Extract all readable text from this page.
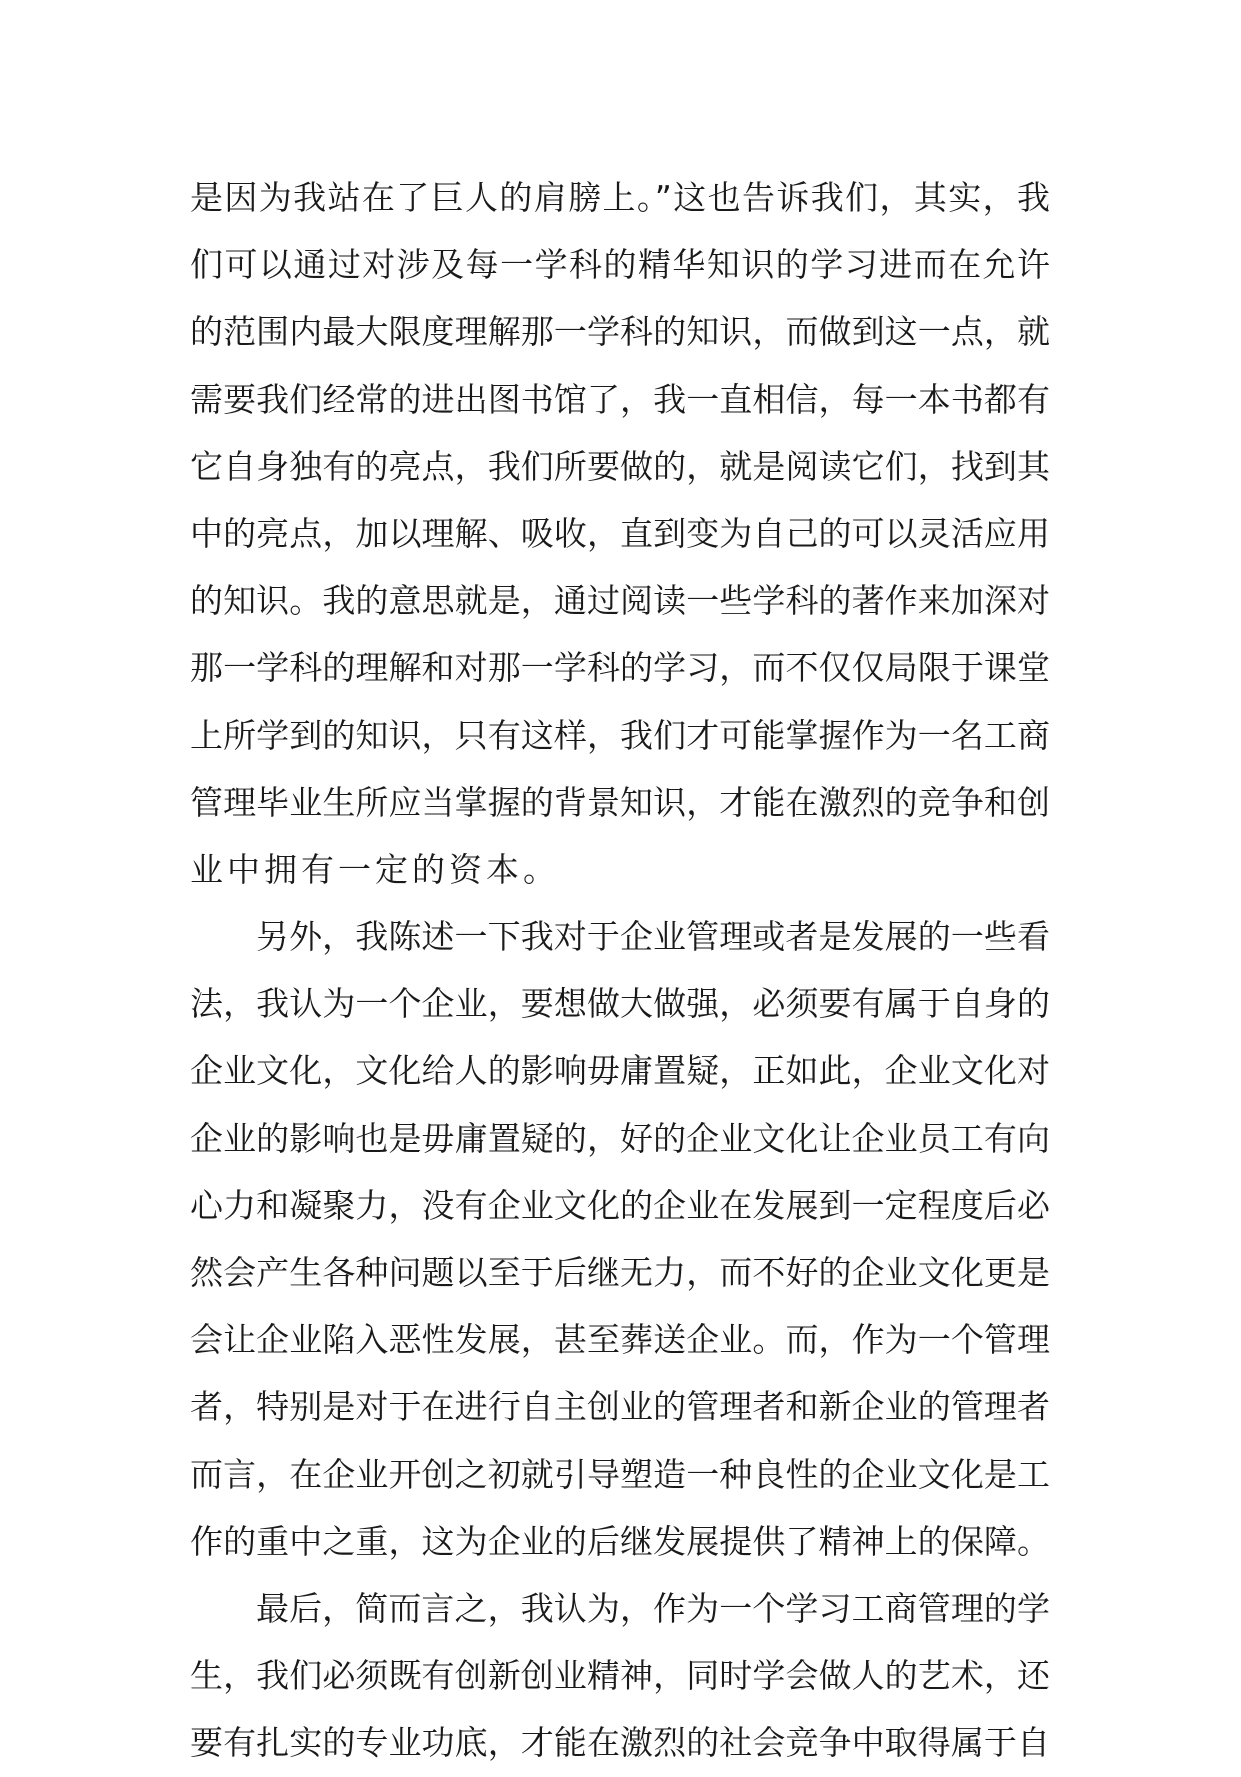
是因为我站在了巨人的肩膀上。”这也告诉我们，其实，我
们可以通过对涉及每一学科的精华知识的学习进而在允许
的范围内最大限度理解那一学科的知识，而做到这一点，就
需要我们经常的进出图书馆了，我一直相信，每一本书都有
它自身独有的亮点，我们所要做的，就是阅读它们，找到其
中的亮点，加以理解、吸收，直到变为自己的可以灵活应用
的知识。我的意思就是，通过阅读一些学科的著作来加深对
那一学科的理解和对那一学科的学习，而不仅仅局限于课堂
上所学到的知识，只有这样，我们才可能掌握作为一名工商
管理毕业生所应当掌握的背景知识，才能在激烈的竞争和创
业中拥有一定的资本。
另外，我陈述一下我对于企业管理或者是发展的一些看
法，我认为一个企业，要想做大做强，必须要有属于自身的
企业文化，文化给人的影响毋庸置疑，正如此，企业文化对
企业的影响也是毋庸置疑的，好的企业文化让企业员工有向
心力和凝聚力，没有企业文化的企业在发展到一定程度后必
然会产生各种问题以至于后继无力，而不好的企业文化更是
会让企业陷入恶性发展，甚至葬送企业。而，作为一个管理
者，特别是对于在进行自主创业的管理者和新企业的管理者
而言，在企业开创之初就引导塑造一种良性的企业文化是工
作的重中之重，这为企业的后继发展提供了精神上的保障。
最后，简而言之，我认为，作为一个学习工商管理的学
生，我们必须既有创新创业精神，同时学会做人的艺术，还
要有扎实的专业功底，才能在激烈的社会竞争中取得属于自
